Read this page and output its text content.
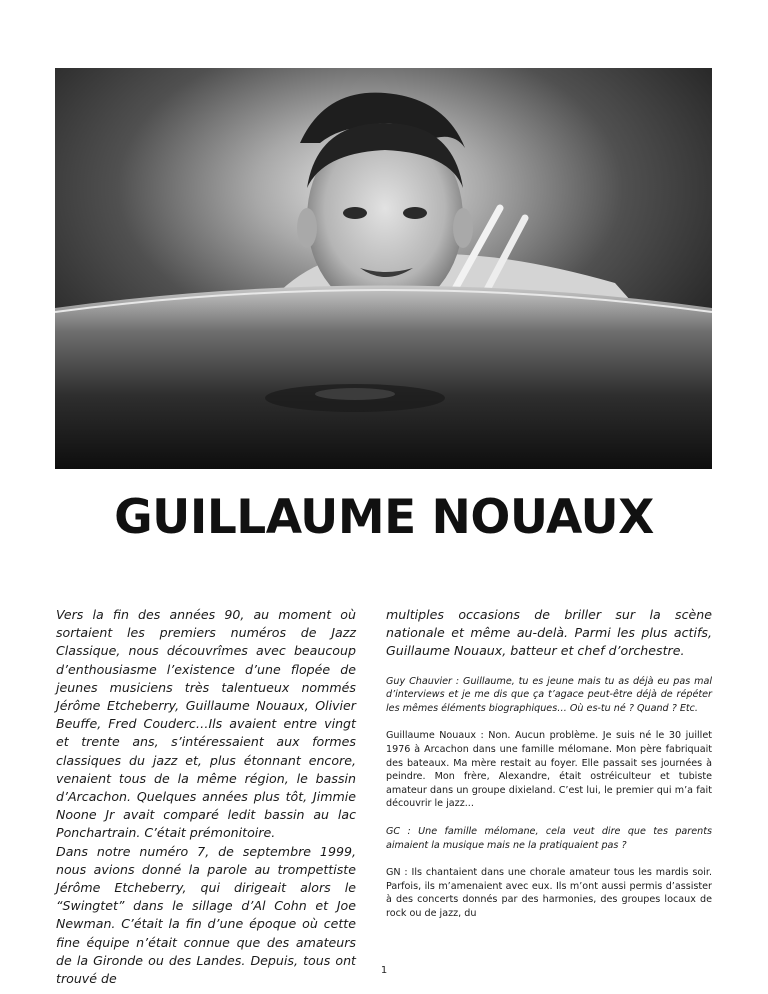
GUILLAUME NOUAUX

Vers la fin des années 90, au moment où sortaient les premiers numéros de Jazz Classique, nous découvrîmes avec beaucoup d’enthousiasme l’existence d’une flopée de jeunes musiciens très talentueux nommés Jérôme Etcheberry, Guillaume Nouaux, Olivier Beuffe, Fred Couderc…Ils avaient entre vingt et trente ans, s’intéressaient aux formes classiques du jazz et, plus étonnant encore, venaient tous de la même région, le bassin d’Arcachon. Quelques années plus tôt, Jimmie Noone Jr avait comparé ledit bassin au lac Ponchartrain. C’était prémonitoire.

Dans notre numéro 7, de septembre 1999, nous avions donné la parole au trompettiste Jérôme Etcheberry, qui dirigeait alors le “Swingtet” dans le sillage d’Al Cohn et Joe Newman. C’était la fin d’une époque où cette fine équipe n’était connue que des amateurs de la Gironde ou des Landes. Depuis, tous ont trouvé de

multiples occasions de briller sur la scène nationale et même au-delà. Parmi les plus actifs, Guillaume Nouaux, batteur et chef d’orchestre.

Guy Chauvier : Guillaume, tu es jeune mais tu as déjà eu pas mal d’interviews et je me dis que ça t’agace peut-être déjà de répéter les mêmes éléments biographiques… Où es-tu né ? Quand ? Etc.

Guillaume Nouaux : Non. Aucun problème. Je suis né le 30 juillet 1976 à Arcachon dans une famille mélomane. Mon père fabriquait des bateaux. Ma mère restait au foyer. Elle passait ses journées à peindre. Mon frère, Alexandre, était ostréiculteur et tubiste amateur dans un groupe dixieland. C’est lui, le premier qui m’a fait découvrir le jazz...

GC : Une famille mélomane, cela veut dire que tes parents aimaient la musique mais ne la pratiquaient pas ?

GN : Ils chantaient dans une chorale amateur tous les mardis soir. Parfois, ils m’amenaient avec eux. Ils m’ont aussi permis d’assister à des concerts donnés par des harmonies, des groupes locaux de rock ou de jazz, du

1
